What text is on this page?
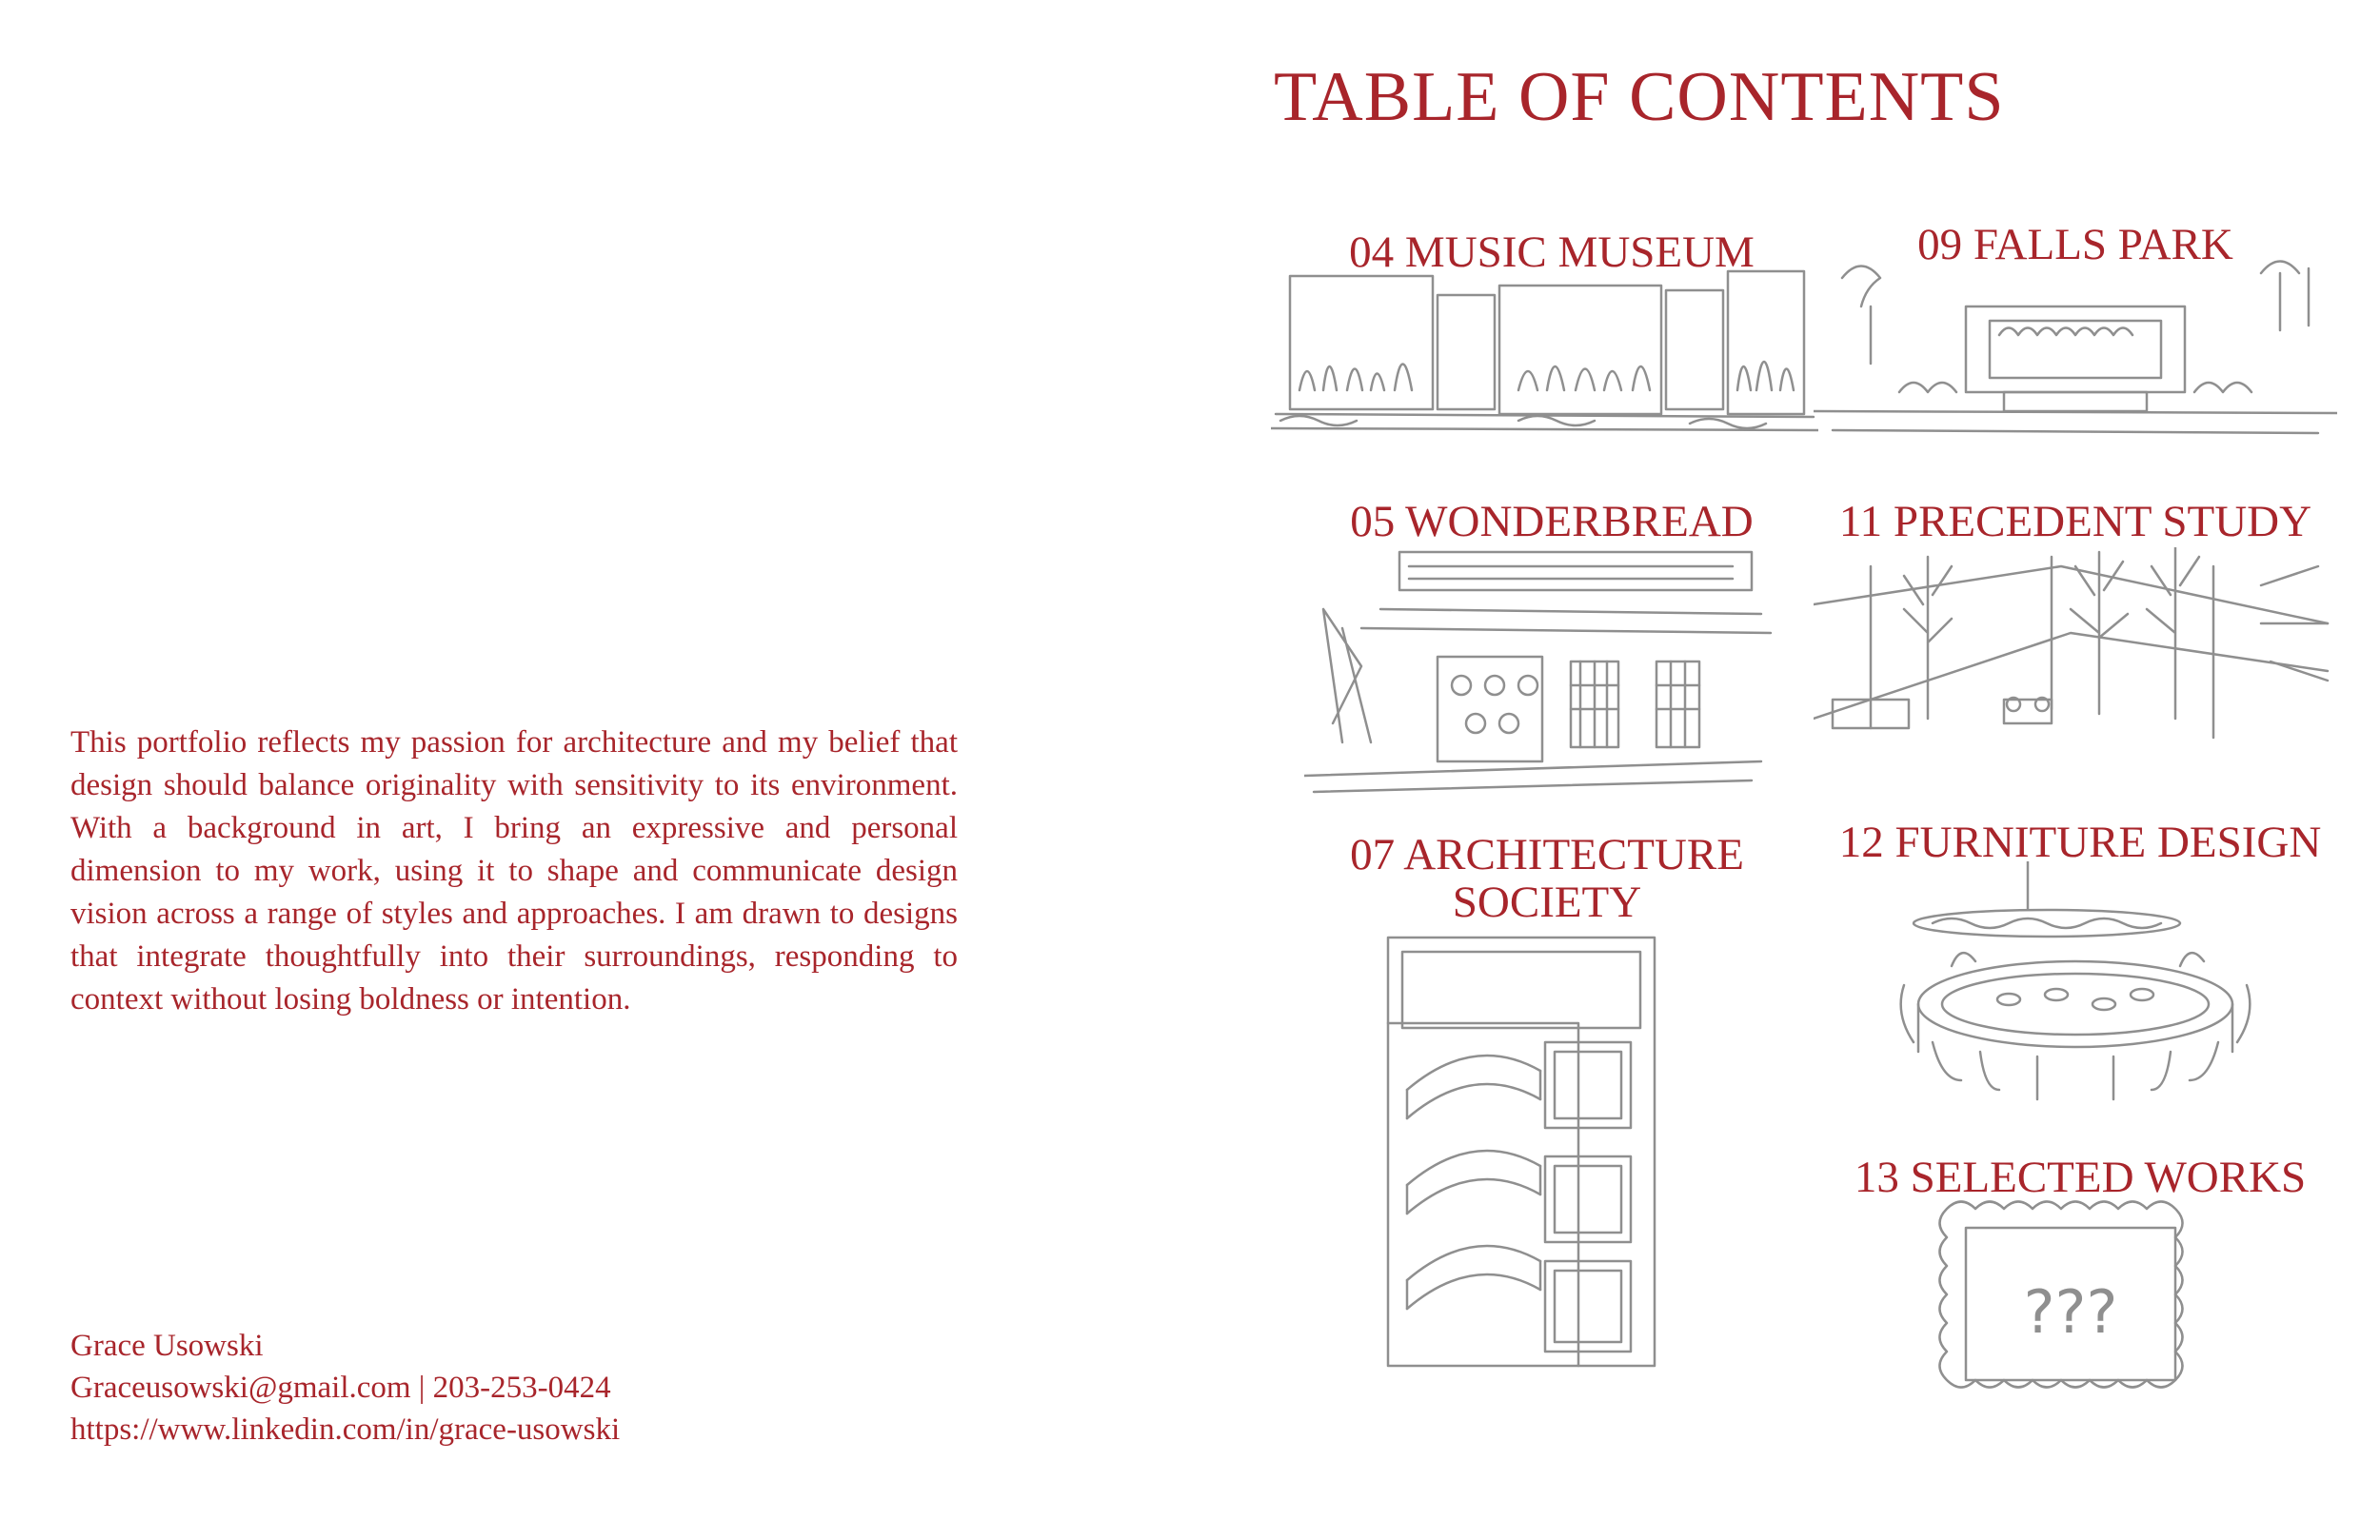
This portfolio reflects my passion for architecture and my belief that design should balance originality with sensitivity to its environment. With a background in art, I bring an expressive and personal dimension to my work, using it to shape and communicate design vision across a range of styles and approaches. I am drawn to designs that integrate thoughtfully into their surroundings, responding to context without losing boldness or intention.

Grace Usowski
Graceusowski@gmail.com | 203-253-0424
https://www.linkedin.com/in/grace-usowski
TABLE OF CONTENTS
04 MUSIC MUSEUM	09 FALLS PARK
05 WONDERBREAD	11 PRECEDENT STUDY
07 ARCHITECTURE
SOCIETY
12 FURNITURE DESIGN
13 SELECTED WORKS
???
